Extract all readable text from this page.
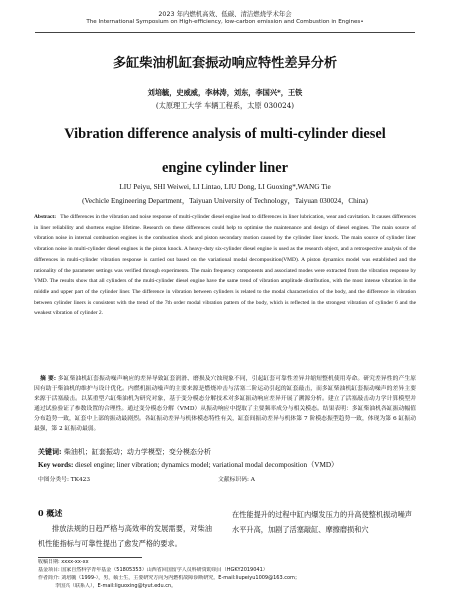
2023 年内燃机高效、低碳、清洁燃烧学术年会
The International Symposium on High-efficiency, low-carbon emission and Combustion in Engines•
多缸柴油机缸套振动响应特性差异分析
刘培毓，史威威，李林涛，刘东，李国兴*，王铁
(太原理工大学 车辆工程系，太原 030024)
Vibration difference analysis of multi-cylinder diesel
engine cylinder liner
LIU Peiyu, SHI Weiwei, LI Lintao, LIU Dong, LI Guoxing*,WANG Tie
(Vechicle Engineering Department，Taiyuan University of Technology，Taiyuan 030024，China)
Abstract: The differences in the vibration and noise response of multi-cylinder diesel engine lead to differences in liner lubrication, wear and cavitation. It causes differences in liner reliability and shortens engine lifetime. Research on these differences could help to optimise the maintenance and design of diesel engines. The main source of vibration noise in internal combustion engines is the combustion shock and piston secondary motion caused by the cylinder liner knock. The main source of cylinder liner vibration noise in multi-cylinder diesel engines is the piston knock. A heavy-duty six-cylinder diesel engine is used as the research object, and a retrospective analysis of the differences in multi-cylinder vibration response is carried out based on the variational modal decomposition(VMD). A piston dynamics model was established and the rationality of the parameter settings was verified through experiments. The main frequency components and associated modes were extracted from the vibration response by VMD. The results show that all cylinders of the multi-cylinder diesel engine have the same trend of vibration amplitude distribution, with the most intense vibration in the middle and upper part of the cylinder liner. The difference in vibration between cylinders is related to the modal characteristics of the body, and the difference in vibration between cylinder liners is consistent with the trend of the 7th order modal vibration pattern of the body, which is reflected in the strongest vibration of cylinder 6 and the weakest vibration of cylinder 2.
摘 要: 多缸柴油机缸套振动噪声响应的差异导致缸套润滑、磨损及穴蚀现象不同，引起缸套可靠性差异并缩短整机使用寿命。研究差异性的产生原因有助于柴油机的维护与设计优化。内燃机振动噪声的主要来源是燃烧冲击与活塞二阶运动引起的缸套敲击，而多缸柴油机缸套振动噪声的差异主要来源于活塞敲击。以某重型六缸柴油机为研究对象，基于变分模态分解技术对多缸振动响应差异开展了溯源分析。建立了活塞敲击动力学计算模型并通过试验验证了参数设置的合理性。通过变分模态分解（VMD）从振动响应中提取了主要频率成分与相关模态。结果表明：多缸柴油机各缸振动幅值分布趋势一致，缸套中上部的振动最剧烈。各缸振动差异与机体模态特性有关，缸套间振动差异与机体第 7 阶模态振型趋势一致，体现为第 6 缸振动最强，第 2 缸振动最弱。
关键词: 柴油机；缸套振动；动力学模型；变分模态分析
Key words: diesel engine; liner vibration; dynamics model; variational modal decomposition（VMD）
中图分类号: TK423	文献标识码: A
0 概述
排放法规的日趋严格与高效率的发展需要，对柴油机性能指标与可靠性提出了愈发严格的要求。
在性能提升的过程中缸内爆发压力的升高使整机振动噪声水平升高，加剧了活塞敲缸、摩擦磨损和穴
收稿日期: xxxx-xx-xx
基金项目: 国家自然科学青年基金（51805353）山西省回国留学人员科研资助项目（HGKY2019041）
作者简介: 刘培毓（1999-），男，硕士生，主要研究方向为内燃机故障诊断研究。E-mail:liupeiyu1009@163.com；
李国兴（联系人），E-mail:liguoxing@tyut.edu.cn。
